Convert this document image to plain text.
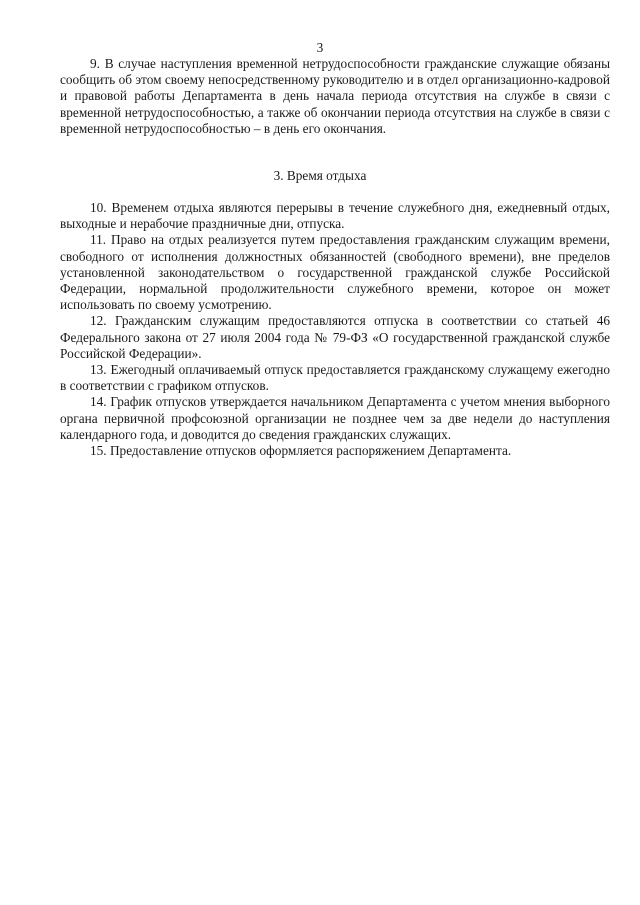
3

9. В случае наступления временной нетрудоспособности гражданские служащие обязаны сообщить об этом своему непосредственному руководителю и в отдел организационно-кадровой и правовой работы Департамента в день начала периода отсутствия на службе в связи с временной нетрудоспособностью, а также об окончании периода отсутствия на службе в связи с временной нетрудоспособностью – в день его окончания.

3. Время отдыха

10. Временем отдыха являются перерывы в течение служебного дня, ежедневный отдых, выходные и нерабочие праздничные дни, отпуска.

11. Право на отдых реализуется путем предоставления гражданским служащим времени, свободного от исполнения должностных обязанностей (свободного времени), вне пределов установленной законодательством о государственной гражданской службе Российской Федерации, нормальной продолжительности служебного времени, которое он может использовать по своему усмотрению.

12. Гражданским служащим предоставляются отпуска в соответствии со статьей 46 Федерального закона от 27 июля 2004 года № 79-ФЗ «О государственной гражданской службе Российской Федерации».

13. Ежегодный оплачиваемый отпуск предоставляется гражданскому служащему ежегодно в соответствии с графиком отпусков.

14. График отпусков утверждается начальником Департамента с учетом мнения выборного органа первичной профсоюзной организации не позднее чем за две недели до наступления календарного года, и доводится до сведения гражданских служащих.

15. Предоставление отпусков оформляется распоряжением Департамента.
